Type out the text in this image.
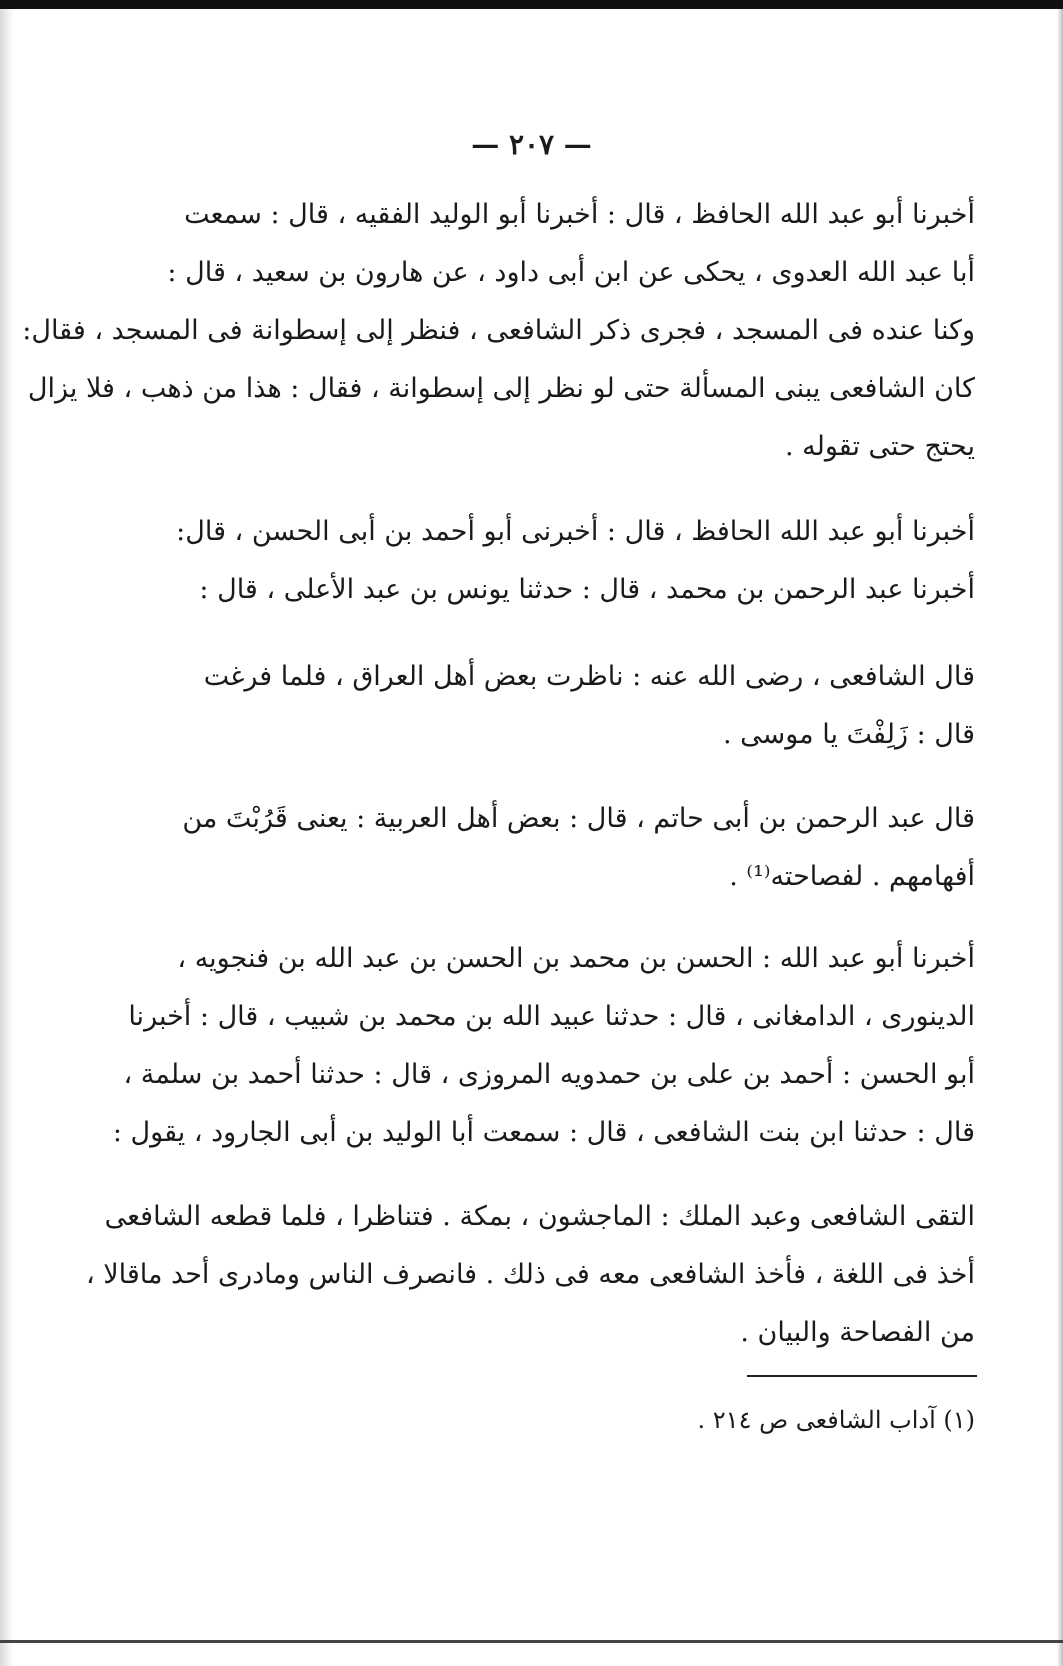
— ٢٠٧ —
أخبرنا أبو عبد الله الحافظ ، قال : أخبرنا أبو الوليد الفقيه ، قال : سمعت
أبا عبد الله العدوى ، يحكى عن ابن أبى داود ، عن هارون بن سعيد ، قال :
وكنا عنده فى المسجد ، فجرى ذكر الشافعى ، فنظر إلى إسطوانة فى المسجد ، فقال:
كان الشافعى يبنى المسألة حتى لو نظر إلى إسطوانة ، فقال : هذا من ذهب ، فلا يزال
يحتج حتى تقوله .
أخبرنا أبو عبد الله الحافظ ، قال : أخبرنى أبو أحمد بن أبى الحسن ، قال:
أخبرنا عبد الرحمن بن محمد ، قال : حدثنا يونس بن عبد الأعلى ، قال :
قال الشافعى ، رضى الله عنه : ناظرت بعض أهل العراق ، فلما فرغت
قال : زَلِفْتَ يا موسى .
قال عبد الرحمن بن أبى حاتم ، قال : بعض أهل العربية : يعنى قَرُبْتَ من
أفهامهم . لفصاحته⁽¹⁾ .
أخبرنا أبو عبد الله : الحسن بن محمد بن الحسن بن عبد الله بن فنجويه ،
الدينورى ، الدامغانى ، قال : حدثنا عبيد الله بن محمد بن شبيب ، قال : أخبرنا
أبو الحسن : أحمد بن على بن حمدويه المروزى ، قال : حدثنا أحمد بن سلمة ،
قال : حدثنا ابن بنت الشافعى ، قال : سمعت أبا الوليد بن أبى الجارود ، يقول :
التقى الشافعى وعبد الملك : الماجشون ، بمكة . فتناظرا ، فلما قطعه الشافعى
أخذ فى اللغة ، فأخذ الشافعى معه فى ذلك . فانصرف الناس ومادرى أحد ماقالا ،
من الفصاحة والبيان .
(١) آداب الشافعى ص ٢١٤ .
